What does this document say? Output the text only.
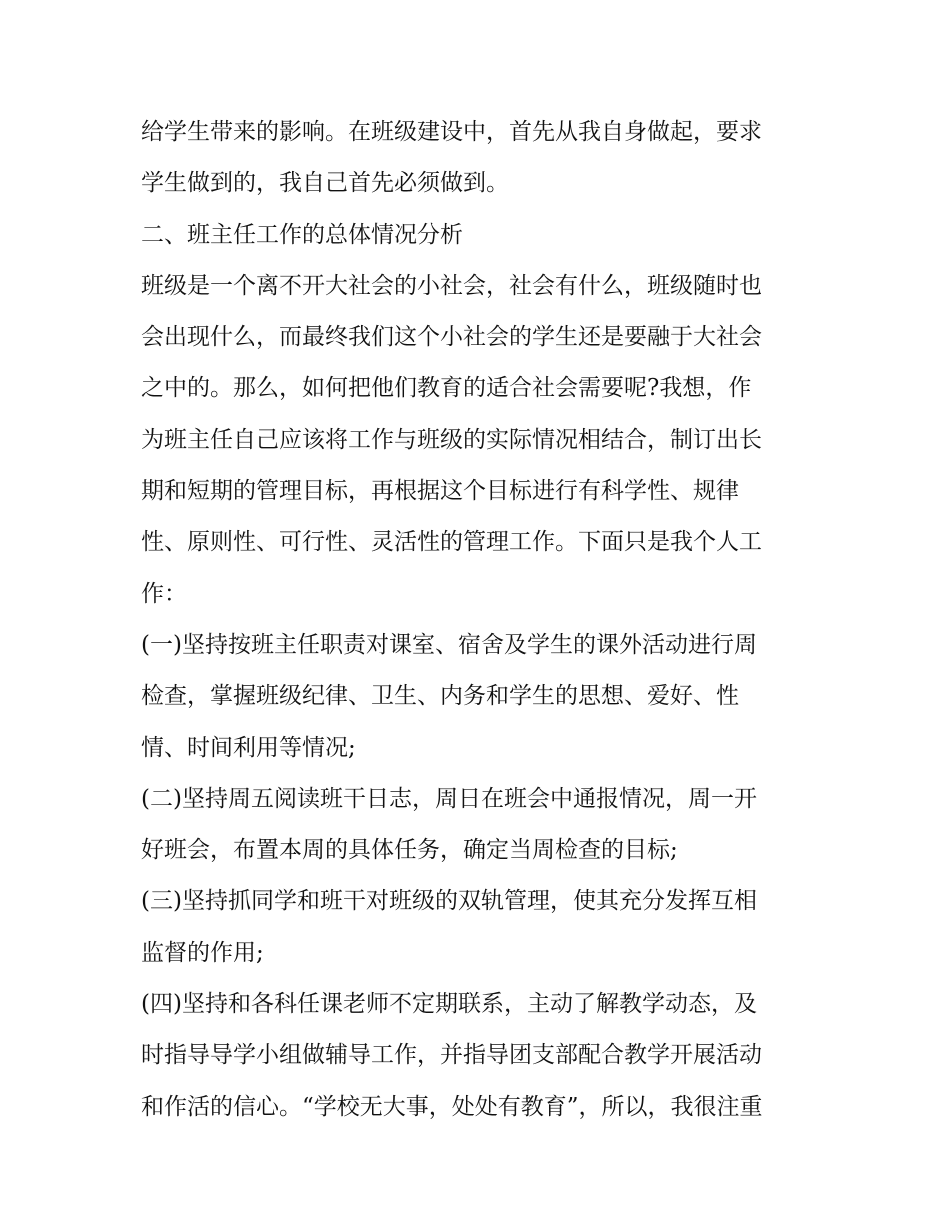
给学生带来的影响。在班级建设中，首先从我自身做起，要求
学生做到的，我自己首先必须做到。
二、班主任工作的总体情况分析
班级是一个离不开大社会的小社会，社会有什么，班级随时也
会出现什么，而最终我们这个小社会的学生还是要融于大社会
之中的。那么，如何把他们教育的适合社会需要呢?我想，作
为班主任自己应该将工作与班级的实际情况相结合，制订出长
期和短期的管理目标，再根据这个目标进行有科学性、规律
性、原则性、可行性、灵活性的管理工作。下面只是我个人工
作：
(一)坚持按班主任职责对课室、宿舍及学生的课外活动进行周
检查，掌握班级纪律、卫生、内务和学生的思想、爱好、性
情、时间利用等情况;
(二)坚持周五阅读班干日志，周日在班会中通报情况，周一开
好班会，布置本周的具体任务，确定当周检查的目标;
(三)坚持抓同学和班干对班级的双轨管理，使其充分发挥互相
监督的作用;
(四)坚持和各科任课老师不定期联系，主动了解教学动态，及
时指导导学小组做辅导工作，并指导团支部配合教学开展活动
和作活的信心。“学校无大事，处处有教育”，所以，我很注重
